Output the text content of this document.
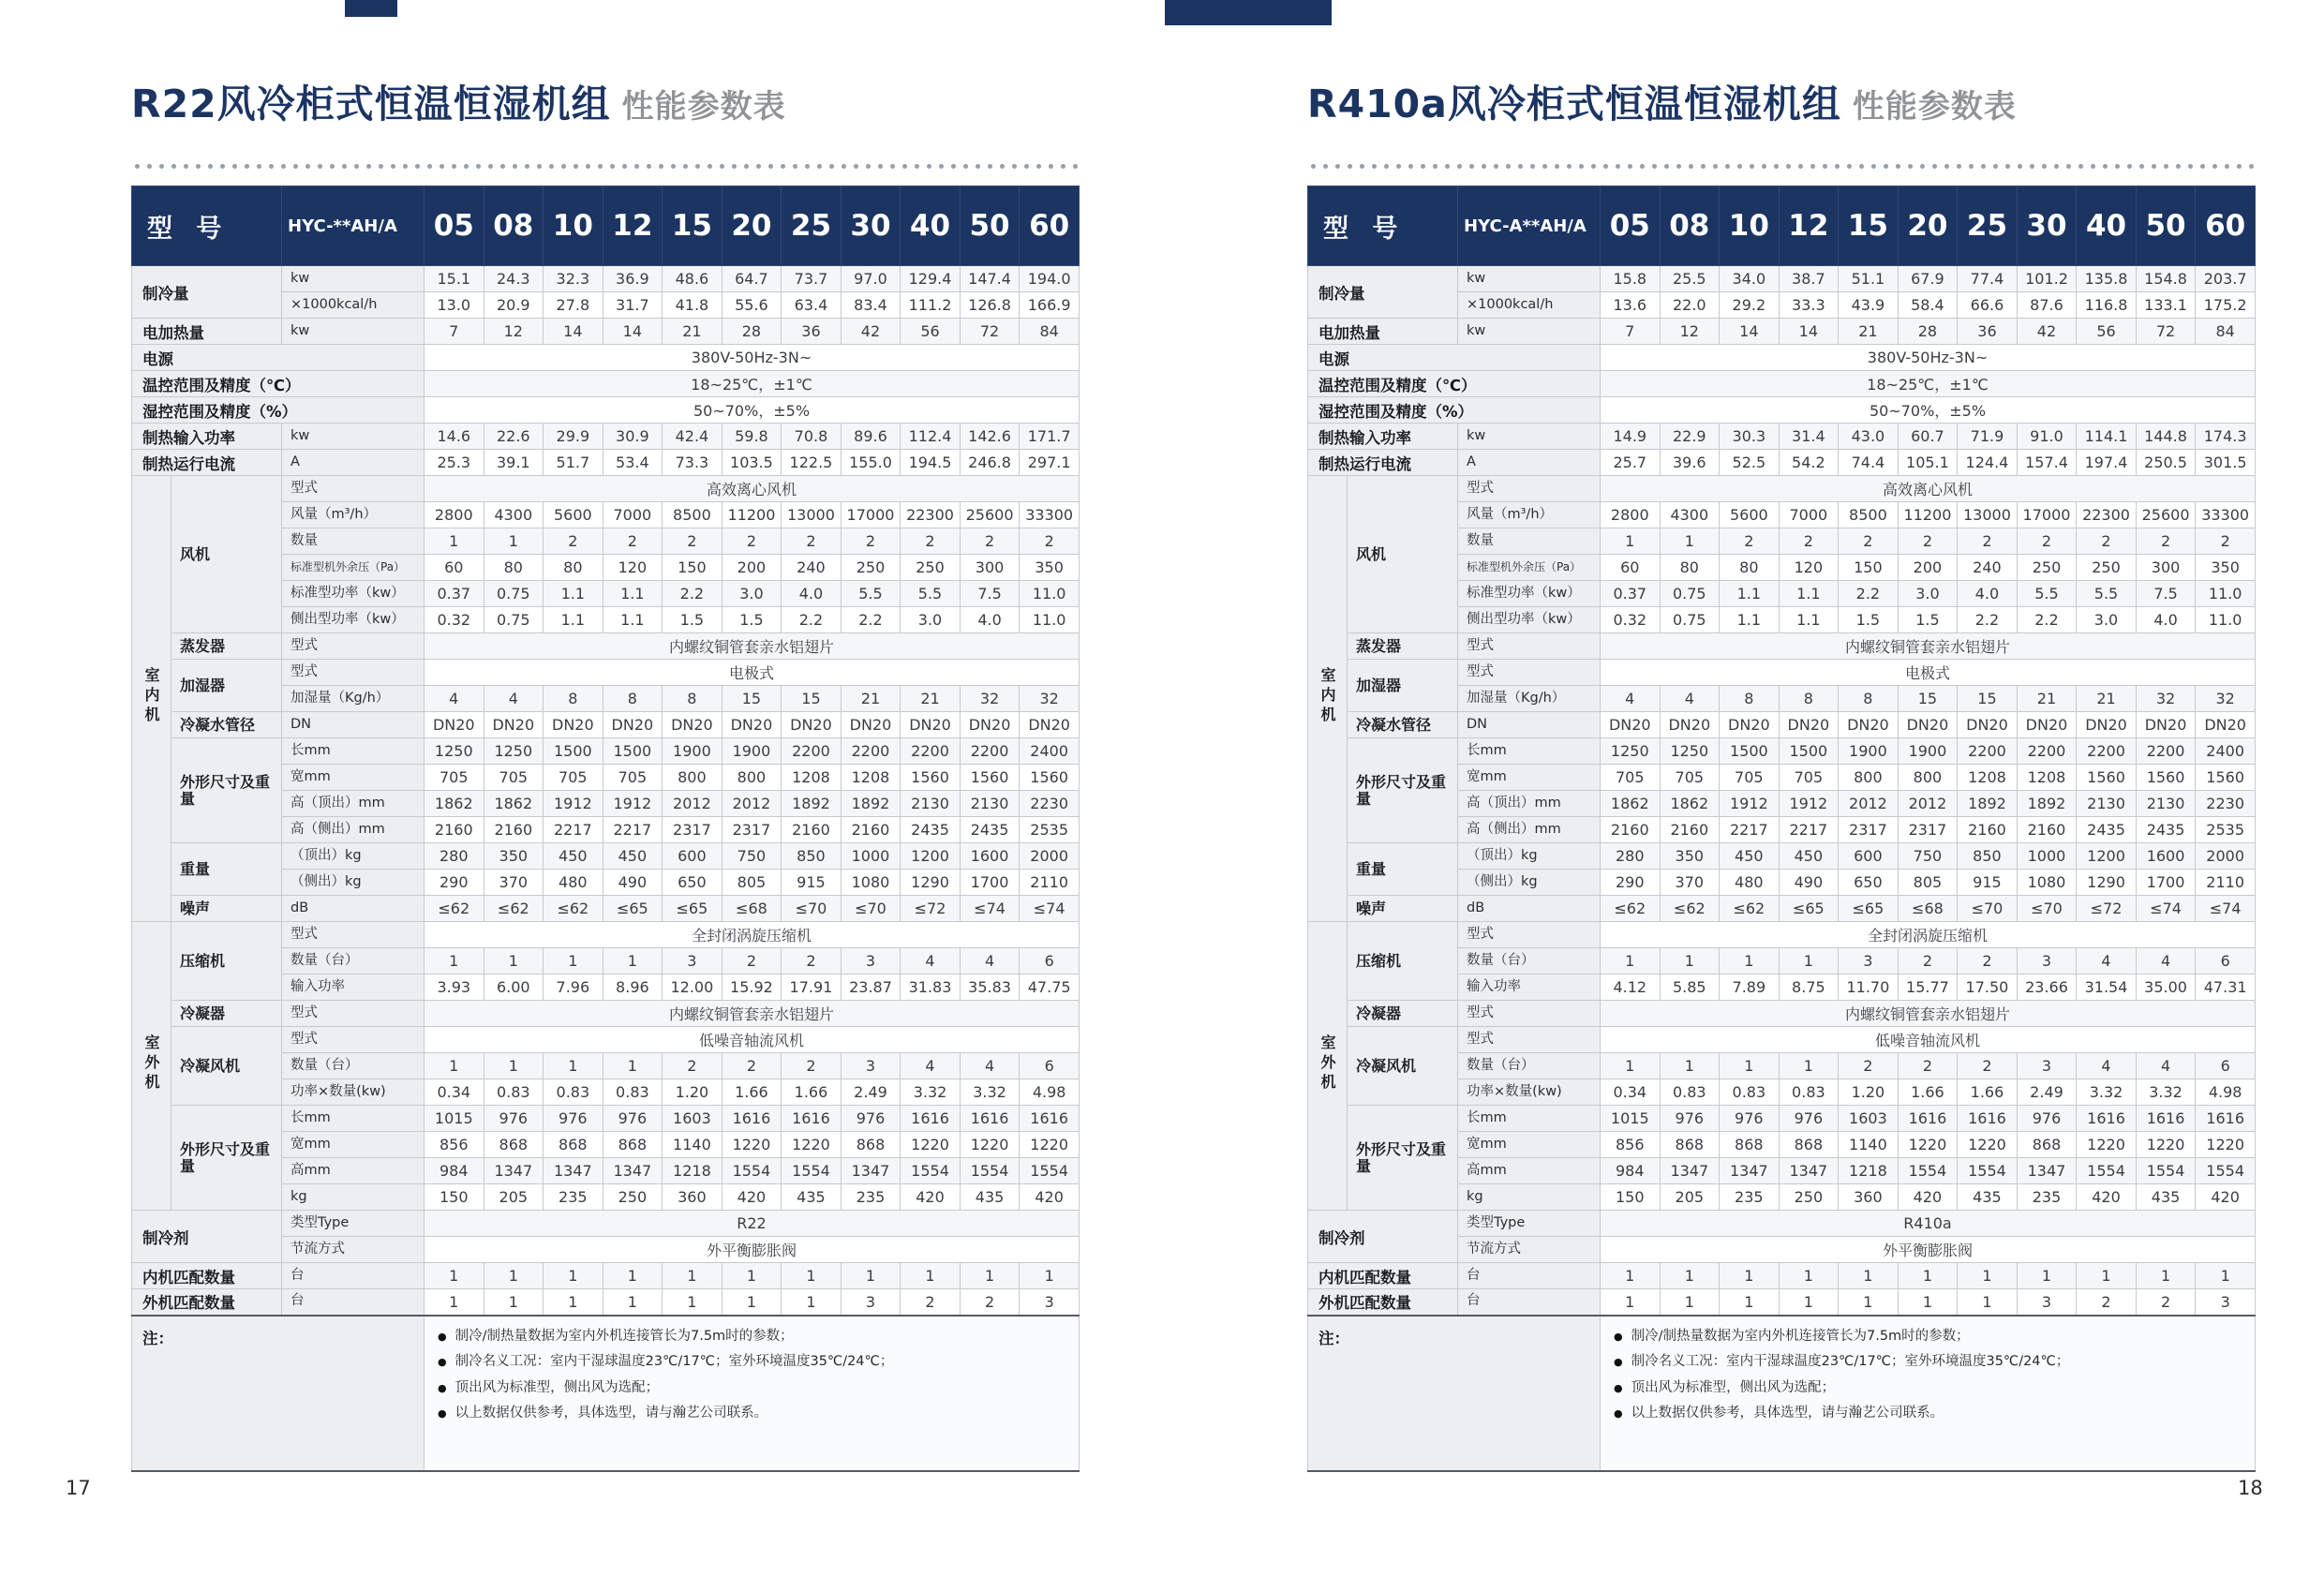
R22风冷柜式恒温恒湿机组 性能参数表
型 号		HYC-**AH/A	05	08	10	12	15	20	25	30	40	50	60
制冷量		kw	15.1	24.3	32.3	36.9	48.6	64.7	73.7	97.0	129.4	147.4	194.0
		×1000kcal/h	13.0	20.9	27.8	31.7	41.8	55.6	63.4	83.4	111.2	126.8	166.9
电加热量		kw	7	12	14	14	21	28	36	42	56	72	84
电源			380V-50Hz-3N~										
温控范围及精度（℃）			18~25℃，±1℃										
湿控范围及精度（%）			50~70%，±5%										
制热输入功率		kw	14.6	22.6	29.9	30.9	42.4	59.8	70.8	89.6	112.4	142.6	171.7
制热运行电流		A	25.3	39.1	51.7	53.4	73.3	103.5	122.5	155.0	194.5	246.8	297.1
室内机	风机	型式	高效离心风机										
		风量（m³/h）	2800	4300	5600	7000	8500	11200	13000	17000	22300	25600	33300
		数量	1	1	2	2	2	2	2	2	2	2	2
		标准型机外余压（Pa）	60	80	80	120	150	200	240	250	250	300	350
		标准型功率（kw）	0.37	0.75	1.1	1.1	2.2	3.0	4.0	5.5	5.5	7.5	11.0
		侧出型功率（kw）	0.32	0.75	1.1	1.1	1.5	1.5	2.2	2.2	3.0	4.0	11.0
	蒸发器	型式	内螺纹铜管套亲水铝翅片										
	加湿器	型式	电极式										
		加湿量（Kg/h）	4	4	8	8	8	15	15	21	21	32	32
	冷凝水管径	DN	DN20	DN20	DN20	DN20	DN20	DN20	DN20	DN20	DN20	DN20	DN20
	外形尺寸及重量	长mm	1250	1250	1500	1500	1900	1900	2200	2200	2200	2200	2400
		宽mm	705	705	705	705	800	800	1208	1208	1560	1560	1560
		高（顶出）mm	1862	1862	1912	1912	2012	2012	1892	1892	2130	2130	2230
		高（侧出）mm	2160	2160	2217	2217	2317	2317	2160	2160	2435	2435	2535
	重量	（顶出）kg	280	350	450	450	600	750	850	1000	1200	1600	2000
		（侧出）kg	290	370	480	490	650	805	915	1080	1290	1700	2110
	噪声	dB	≤62	≤62	≤62	≤65	≤65	≤68	≤70	≤70	≤72	≤74	≤74
室外机	压缩机	型式	全封闭涡旋压缩机										
		数量（台）	1	1	1	1	3	2	2	3	4	4	6
		输入功率	3.93	6.00	7.96	8.96	12.00	15.92	17.91	23.87	31.83	35.83	47.75
	冷凝器	型式	内螺纹铜管套亲水铝翅片										
	冷凝风机	型式	低噪音轴流风机										
		数量（台）	1	1	1	1	2	2	2	3	4	4	6
		功率×数量(kw)	0.34	0.83	0.83	0.83	1.20	1.66	1.66	2.49	3.32	3.32	4.98
	外形尺寸及重量	长mm	1015	976	976	976	1603	1616	1616	976	1616	1616	1616
		宽mm	856	868	868	868	1140	1220	1220	868	1220	1220	1220
		高mm	984	1347	1347	1347	1218	1554	1554	1347	1554	1554	1554
		kg	150	205	235	250	360	420	435	235	420	435	420
制冷剂		类型Type	R22										
		节流方式	外平衡膨胀阀										
内机匹配数量		台	1	1	1	1	1	1	1	1	1	1	1
外机匹配数量		台	1	1	1	1	1	1	1	3	2	2	3
注：	● 制冷/制热量数据为室内外机连接管长为7.5m时的参数；
● 制冷名义工况：室内干湿球温度23℃/17℃；室外环境温度35℃/24℃；
● 顶出风为标准型，侧出风为选配；
● 以上数据仅供参考，具体选型，请与瀚艺公司联系。
R410a风冷柜式恒温恒湿机组 性能参数表
型 号		HYC-A**AH/A	05	08	10	12	15	20	25	30	40	50	60
制冷量		kw	15.8	25.5	34.0	38.7	51.1	67.9	77.4	101.2	135.8	154.8	203.7
		×1000kcal/h	13.6	22.0	29.2	33.3	43.9	58.4	66.6	87.6	116.8	133.1	175.2
电加热量		kw	7	12	14	14	21	28	36	42	56	72	84
电源			380V-50Hz-3N~										
温控范围及精度（℃）			18~25℃，±1℃										
湿控范围及精度（%）			50~70%，±5%										
制热输入功率		kw	14.9	22.9	30.3	31.4	43.0	60.7	71.9	91.0	114.1	144.8	174.3
制热运行电流		A	25.7	39.6	52.5	54.2	74.4	105.1	124.4	157.4	197.4	250.5	301.5
室内机	风机	型式	高效离心风机										
		风量（m³/h）	2800	4300	5600	7000	8500	11200	13000	17000	22300	25600	33300
		数量	1	1	2	2	2	2	2	2	2	2	2
		标准型机外余压（Pa）	60	80	80	120	150	200	240	250	250	300	350
		标准型功率（kw）	0.37	0.75	1.1	1.1	2.2	3.0	4.0	5.5	5.5	7.5	11.0
		侧出型功率（kw）	0.32	0.75	1.1	1.1	1.5	1.5	2.2	2.2	3.0	4.0	11.0
	蒸发器	型式	内螺纹铜管套亲水铝翅片										
	加湿器	型式	电极式										
		加湿量（Kg/h）	4	4	8	8	8	15	15	21	21	32	32
	冷凝水管径	DN	DN20	DN20	DN20	DN20	DN20	DN20	DN20	DN20	DN20	DN20	DN20
	外形尺寸及重量	长mm	1250	1250	1500	1500	1900	1900	2200	2200	2200	2200	2400
		宽mm	705	705	705	705	800	800	1208	1208	1560	1560	1560
		高（顶出）mm	1862	1862	1912	1912	2012	2012	1892	1892	2130	2130	2230
		高（侧出）mm	2160	2160	2217	2217	2317	2317	2160	2160	2435	2435	2535
	重量	（顶出）kg	280	350	450	450	600	750	850	1000	1200	1600	2000
		（侧出）kg	290	370	480	490	650	805	915	1080	1290	1700	2110
	噪声	dB	≤62	≤62	≤62	≤65	≤65	≤68	≤70	≤70	≤72	≤74	≤74
室外机	压缩机	型式	全封闭涡旋压缩机										
		数量（台）	1	1	1	1	3	2	2	3	4	4	6
		输入功率	4.12	5.85	7.89	8.75	11.70	15.77	17.50	23.66	31.54	35.00	47.31
	冷凝器	型式	内螺纹铜管套亲水铝翅片										
	冷凝风机	型式	低噪音轴流风机										
		数量（台）	1	1	1	1	2	2	2	3	4	4	6
		功率×数量(kw)	0.34	0.83	0.83	0.83	1.20	1.66	1.66	2.49	3.32	3.32	4.98
	外形尺寸及重量	长mm	1015	976	976	976	1603	1616	1616	976	1616	1616	1616
		宽mm	856	868	868	868	1140	1220	1220	868	1220	1220	1220
		高mm	984	1347	1347	1347	1218	1554	1554	1347	1554	1554	1554
		kg	150	205	235	250	360	420	435	235	420	435	420
制冷剂		类型Type	R410a										
		节流方式	外平衡膨胀阀										
内机匹配数量		台	1	1	1	1	1	1	1	1	1	1	1
外机匹配数量		台	1	1	1	1	1	1	1	3	2	2	3
注：	● 制冷/制热量数据为室内外机连接管长为7.5m时的参数；
● 制冷名义工况：室内干湿球温度23℃/17℃；室外环境温度35℃/24℃；
● 顶出风为标准型，侧出风为选配；
● 以上数据仅供参考，具体选型，请与瀚艺公司联系。
17	18
